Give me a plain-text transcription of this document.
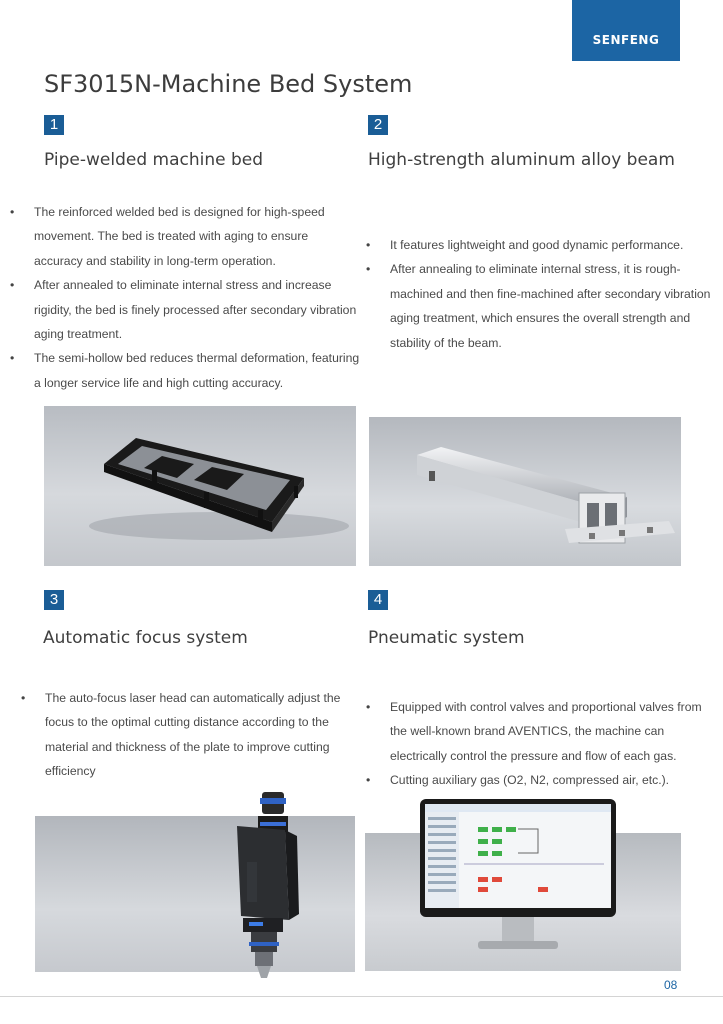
SENFENG
SF3015N-Machine Bed System
1
Pipe-welded machine bed
• The reinforced welded bed is designed for high-speed movement. The bed is treated with aging to ensure accuracy and stability in long-term operation.
• After annealed to eliminate internal stress and increase rigidity, the bed is finely processed after secondary vibration aging treatment.
• The semi-hollow bed reduces thermal deformation, featuring a longer service life and high cutting accuracy.
2
High-strength aluminum alloy beam
• It features lightweight and good dynamic performance.
• After annealing to eliminate internal stress, it is rough-machined and then fine-machined after secondary vibration aging treatment, which ensures the overall strength and stability of the beam.
3
Automatic focus system
• The auto-focus laser head can automatically adjust the focus to the optimal cutting distance according to the material and thickness of the plate to improve cutting efficiency
4
Pneumatic system
• Equipped with control valves and proportional valves from the well-known brand AVENTICS, the machine can electrically control the pressure and flow of each gas.
• Cutting auxiliary gas (O2, N2, compressed air, etc.).
08
